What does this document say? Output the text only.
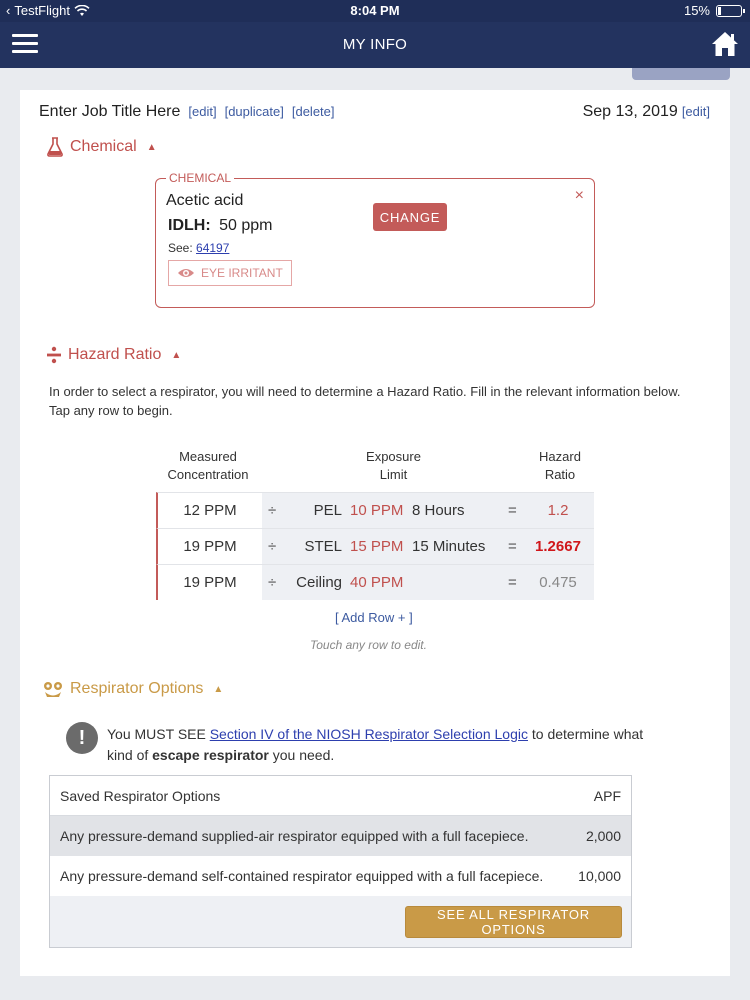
‹ TestFlight	8:04 PM	15%
MY INFO
Enter Job Title Here [edit] [duplicate] [delete]	Sep 13, 2019 [edit]
Chemical ▲
CHEMICAL
Acetic acid
IDLH: 50 ppm
See: 64197
EYE IRRITANT
×
CHANGE
Hazard Ratio ▲
In order to select a respirator, you will need to determine a Hazard Ratio. Fill in the relevant information below. Tap any row to begin.
Measured
Concentration
Exposure
Limit
Hazard
Ratio
12 PPM	÷	PEL 10 PPM 8 Hours	=	1.2
19 PPM	÷	STEL 15 PPM 15 Minutes =	1.2667
19 PPM	÷	Ceiling 40 PPM	=	0.475
[ Add Row + ]
Touch any row to edit.
Respirator Options ▲
!	You MUST SEE Section IV of the NIOSH Respirator Selection Logic to determine what kind of escape respirator you need.
Saved Respirator Options	APF
Any pressure-demand supplied-air respirator equipped with a full facepiece.	2,000
Any pressure-demand self-contained respirator equipped with a full facepiece. 10,000
SEE ALL RESPIRATOR OPTIONS
